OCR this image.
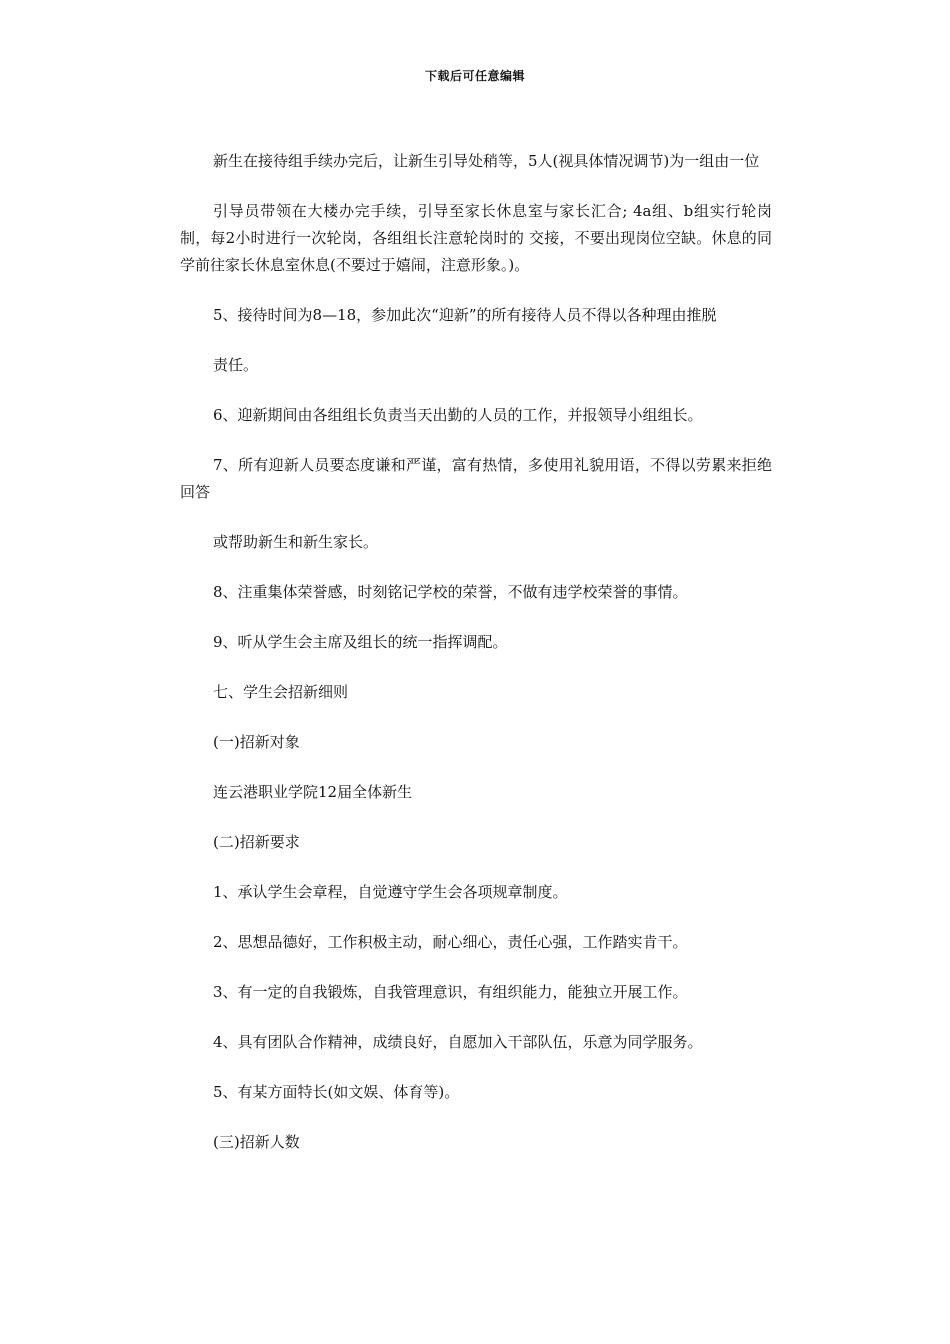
下载后可任意编辑

新生在接待组手续办完后，让新生引导处稍等，5人(视具体情况调节)为一组由一位

引导员带领在大楼办完手续，引导至家长休息室与家长汇合; 4a组、b组实行轮岗制，每2小时进行一次轮岗，各组组长注意轮岗时的 交接，不要出现岗位空缺。休息的同学前往家长休息室休息(不要过于嬉闹，注意形象。)。

5、接待时间为8—18，参加此次“迎新”的所有接待人员不得以各种理由推脱

责任。

6、迎新期间由各组组长负责当天出勤的人员的工作，并报领导小组组长。

7、所有迎新人员要态度谦和严谨，富有热情，多使用礼貌用语，不得以劳累来拒绝回答

或帮助新生和新生家长。

8、注重集体荣誉感，时刻铭记学校的荣誉，不做有违学校荣誉的事情。

9、听从学生会主席及组长的统一指挥调配。

七、学生会招新细则

(一)招新对象

连云港职业学院12届全体新生

(二)招新要求

1、承认学生会章程，自觉遵守学生会各项规章制度。

2、思想品德好，工作积极主动，耐心细心，责任心强，工作踏实肯干。

3、有一定的自我锻炼，自我管理意识，有组织能力，能独立开展工作。

4、具有团队合作精神，成绩良好，自愿加入干部队伍，乐意为同学服务。

5、有某方面特长(如文娱、体育等)。

(三)招新人数
